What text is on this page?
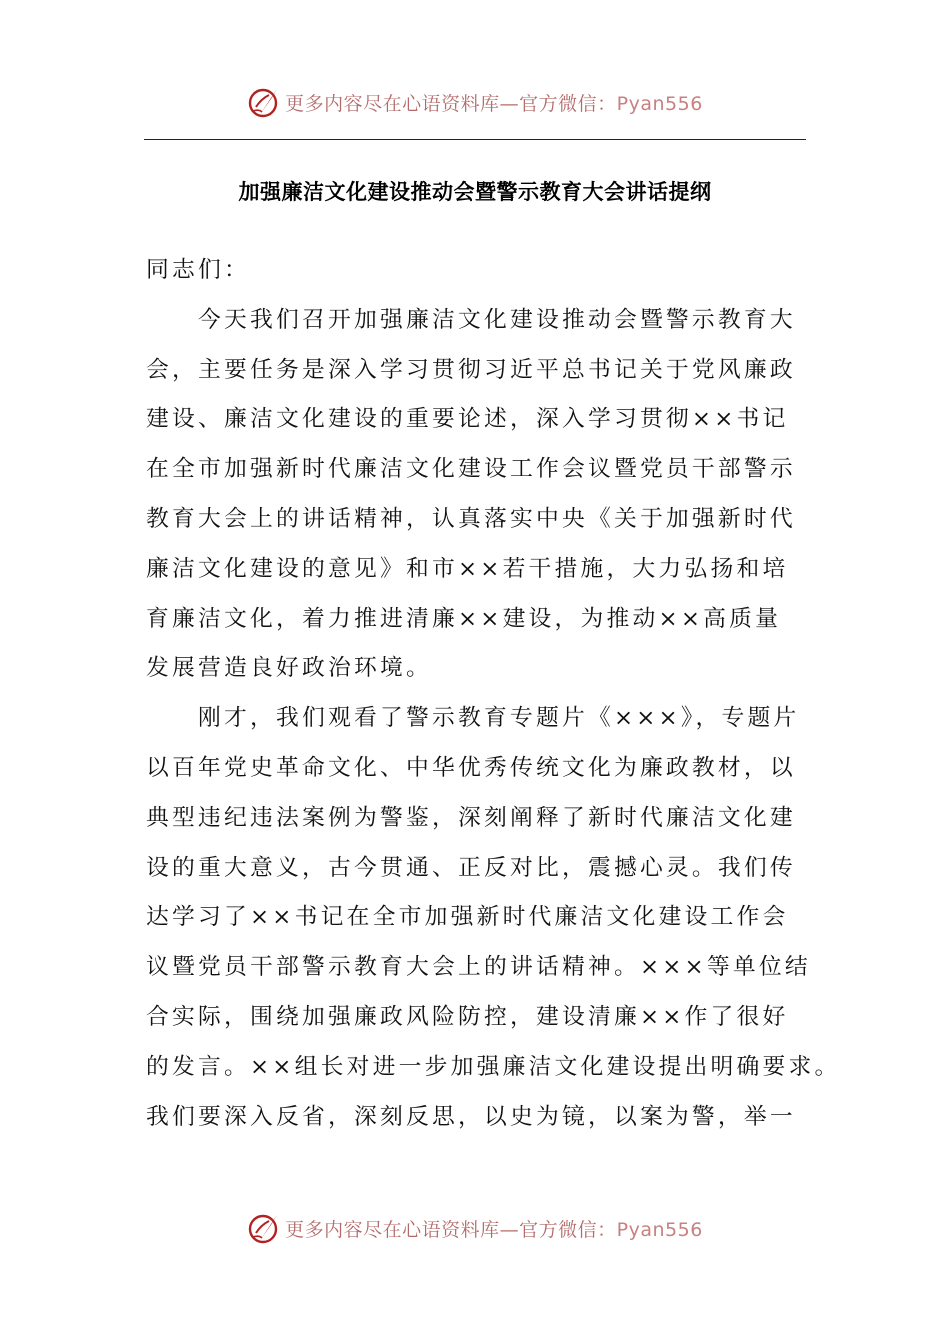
更多内容尽在心语资料库—官方微信：Pyan556
加强廉洁文化建设推动会暨警示教育大会讲话提纲
同志们：
　　今天我们召开加强廉洁文化建设推动会暨警示教育大
会，主要任务是深入学习贯彻习近平总书记关于党风廉政
建设、廉洁文化建设的重要论述，深入学习贯彻××书记
在全市加强新时代廉洁文化建设工作会议暨党员干部警示
教育大会上的讲话精神，认真落实中央《关于加强新时代
廉洁文化建设的意见》和市××若干措施，大力弘扬和培
育廉洁文化，着力推进清廉××建设，为推动××高质量
发展营造良好政治环境。
　　刚才，我们观看了警示教育专题片《×××》，专题片
以百年党史革命文化、中华优秀传统文化为廉政教材，以
典型违纪违法案例为警鉴，深刻阐释了新时代廉洁文化建
设的重大意义，古今贯通、正反对比，震撼心灵。我们传
达学习了××书记在全市加强新时代廉洁文化建设工作会
议暨党员干部警示教育大会上的讲话精神。×××等单位结
合实际，围绕加强廉政风险防控，建设清廉××作了很好
的发言。××组长对进一步加强廉洁文化建设提出明确要求。
我们要深入反省，深刻反思，以史为镜，以案为警，举一
更多内容尽在心语资料库—官方微信：Pyan556
